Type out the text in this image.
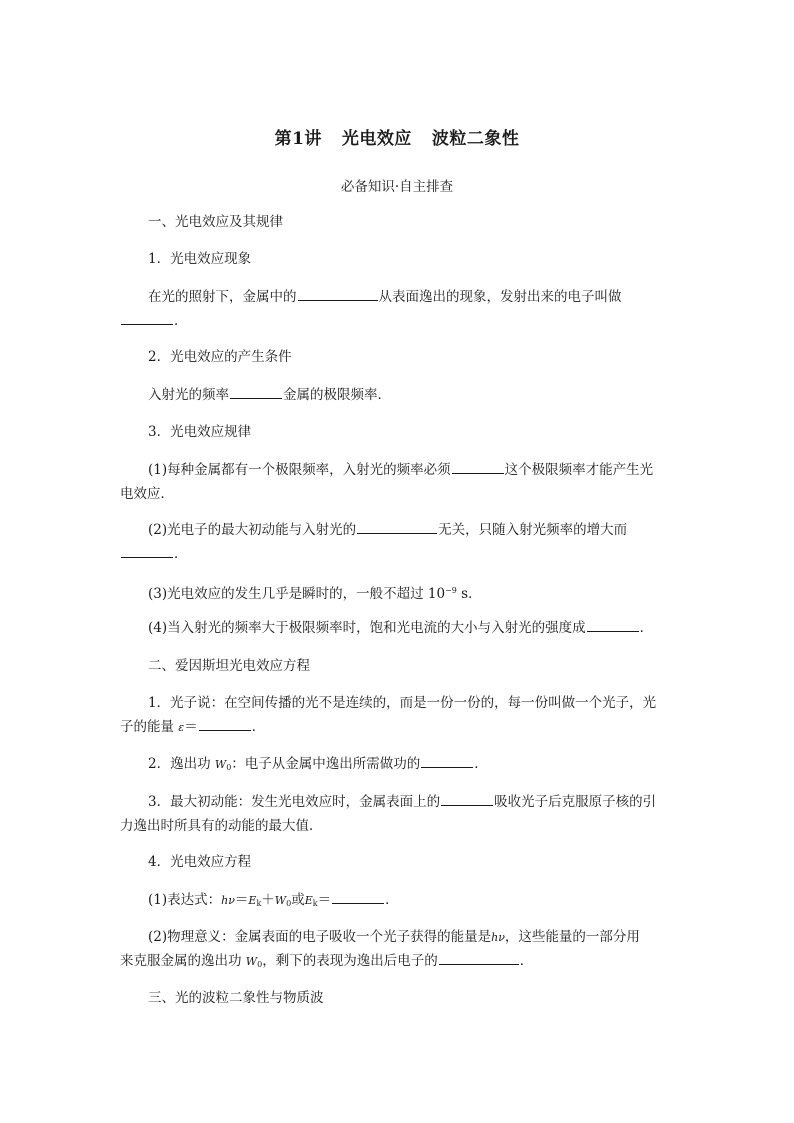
第1讲 光电效应 波粒二象性
必备知识·自主排查
一、光电效应及其规律
1．光电效应现象
在光的照射下，金属中的	从表面逸出的现象，发射出来的电子叫做
．
2．光电效应的产生条件
入射光的频率	金属的极限频率．
3．光电效应规律
(1)每种金属都有一个极限频率，入射光的频率必须	这个极限频率才能产生光
电效应．
(2)光电子的最大初动能与入射光的	无关，只随入射光频率的增大而
．
(3)光电效应的发生几乎是瞬时的，一般不超过 $10^{-9}$ s．
(4)当入射光的频率大于极限频率时，饱和光电流的大小与入射光的强度成	．
二、爱因斯坦光电效应方程
1．光子说：在空间传播的光不是连续的，而是一份一份的，每一份叫做一个光子，光
子的能量 ε＝	．
2．逸出功 $W_0$：电子从金属中逸出所需做功的	．
3．最大初动能：发生光电效应时，金属表面上的	吸收光子后克服原子核的引
力逸出时所具有的动能的最大值．
4．光电效应方程
(1)表达式：$h\nu=E_k+W_0$或$E_k=$	．
(2)物理意义：金属表面的电子吸收一个光子获得的能量是hν，这些能量的一部分用
来克服金属的逸出功 $W_0$，剩下的表现为逸出后电子的	．
三、光的波粒二象性与物质波
